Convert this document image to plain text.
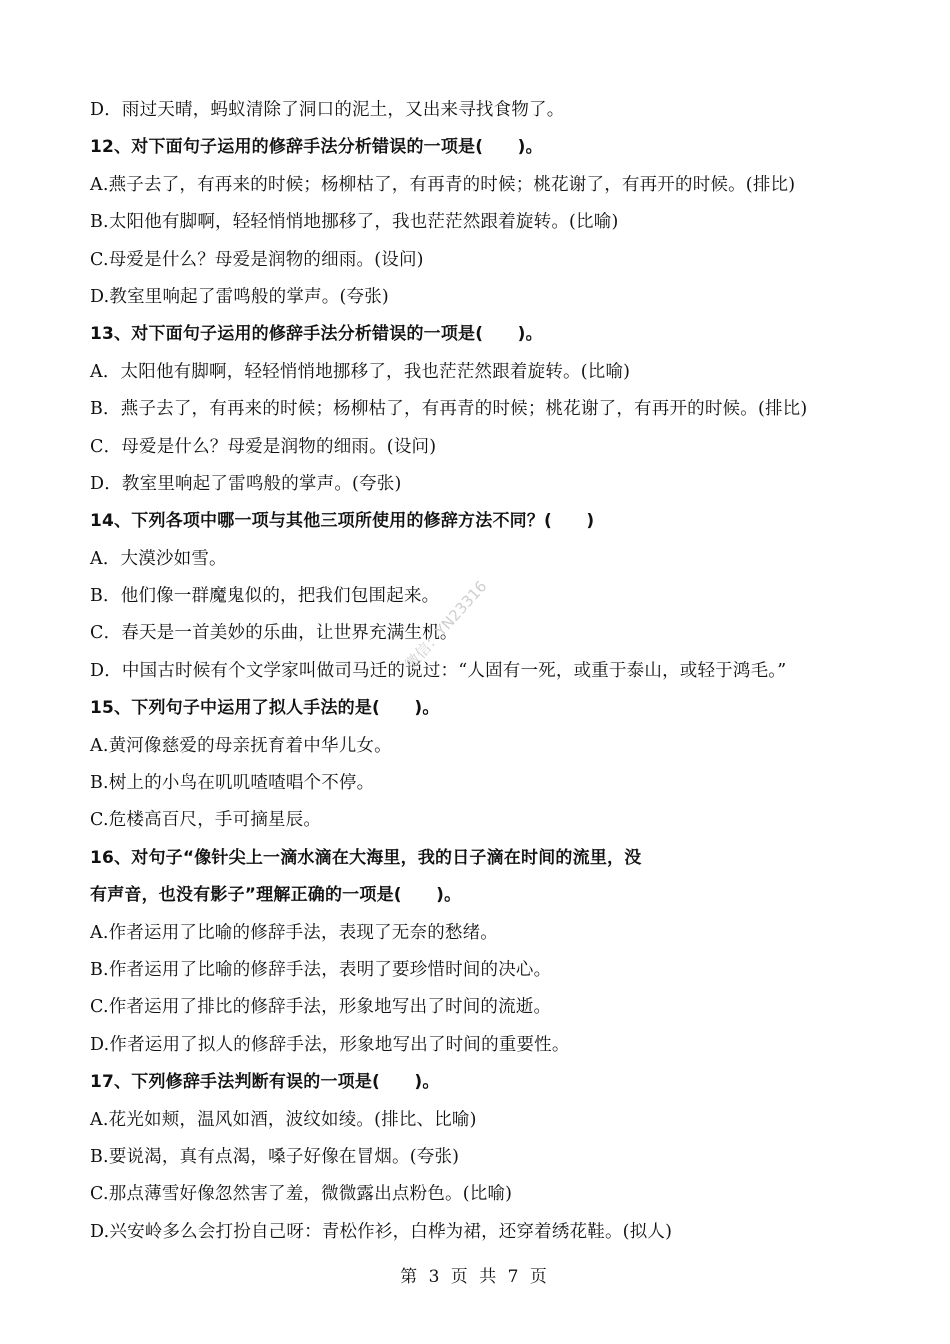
D．雨过天晴，蚂蚁清除了洞口的泥土，又出来寻找食物了。
12、对下面句子运用的修辞手法分析错误的一项是(　　)。
A.燕子去了，有再来的时候；杨柳枯了，有再青的时候；桃花谢了，有再开的时候。(排比)
B.太阳他有脚啊，轻轻悄悄地挪移了，我也茫茫然跟着旋转。(比喻)
C.母爱是什么？母爱是润物的细雨。(设问)
D.教室里响起了雷鸣般的掌声。(夸张)
13、对下面句子运用的修辞手法分析错误的一项是(　　)。
A．太阳他有脚啊，轻轻悄悄地挪移了，我也茫茫然跟着旋转。(比喻)
B．燕子去了，有再来的时候；杨柳枯了，有再青的时候；桃花谢了，有再开的时候。(排比)
C．母爱是什么？母爱是润物的细雨。(设问)
D．教室里响起了雷鸣般的掌声。(夸张)
14、下列各项中哪一项与其他三项所使用的修辞方法不同？(　　)
A．大漠沙如雪。
B．他们像一群魔鬼似的，把我们包围起来。
C．春天是一首美妙的乐曲，让世界充满生机。
D．中国古时候有个文学家叫做司马迁的说过：“人固有一死，或重于泰山，或轻于鸿毛。”
15、下列句子中运用了拟人手法的是(　　)。
A.黄河像慈爱的母亲抚育着中华儿女。
B.树上的小鸟在叽叽喳喳唱个不停。
C.危楼高百尺，手可摘星辰。
16、对句子“像针尖上一滴水滴在大海里，我的日子滴在时间的流里，没
有声音，也没有影子”理解正确的一项是(　　)。
A.作者运用了比喻的修辞手法，表现了无奈的愁绪。
B.作者运用了比喻的修辞手法，表明了要珍惜时间的决心。
C.作者运用了排比的修辞手法，形象地写出了时间的流逝。
D.作者运用了拟人的修辞手法，形象地写出了时间的重要性。
17、下列修辞手法判断有误的一项是(　　)。
A.花光如颊，温风如酒，波纹如绫。(排比、比喻)
B.要说渴，真有点渴，嗓子好像在冒烟。(夸张)
C.那点薄雪好像忽然害了羞，微微露出点粉色。(比喻)
D.兴安岭多么会打扮自己呀：青松作衫，白桦为裙，还穿着绣花鞋。(拟人)
微信：YN23316
第 3 页 共 7 页
